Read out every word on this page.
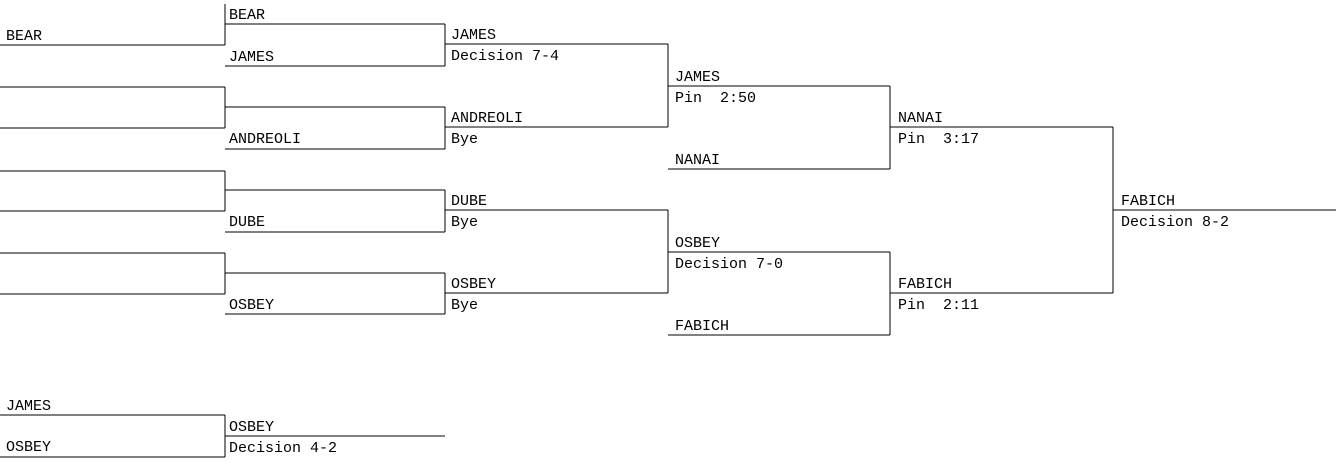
BEAR
BEAR
JAMES
ANDREOLI
DUBE
OSBEY
JAMES
Decision 7-4
ANDREOLI
Bye
DUBE
Bye
OSBEY
Bye
JAMES
Pin  2:50
NANAI
OSBEY
Decision 7-0
FABICH
NANAI
Pin  3:17
FABICH
Pin  2:11
FABICH
Decision 8-2
JAMES
OSBEY
OSBEY
Decision 4-2
